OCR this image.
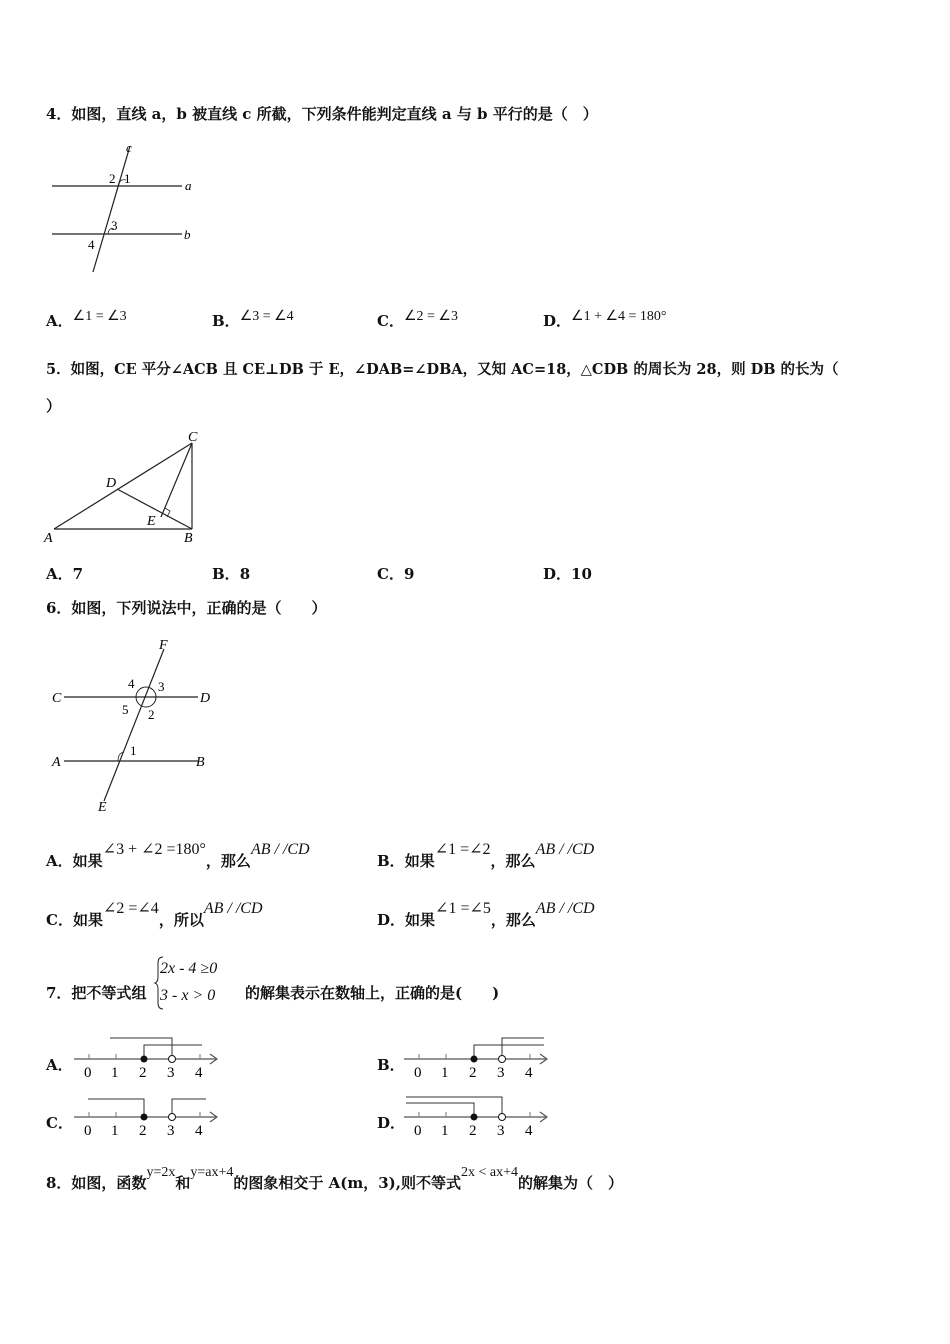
4．如图，直线 a，b 被直线 c 所截，下列条件能判定直线 a 与 b 平行的是（　）
c
a
b
1
2
3
4
A．∠1 = ∠3	B．∠3 = ∠4	C．∠2 = ∠3	D．∠1 + ∠4 = 180°
5．如图，CE 平分∠ACB 且 CE⊥DB 于 E，∠DAB=∠DBA，又知 AC=18，△CDB 的周长为 28，则 DB 的长为（
）
C
D
E
A	B
A．7	B．8	C．9	D．10
6．如图，下列说法中，正确的是（　　）
F
C	D
A	B
E
1
2
3
4
5
A．如果∠3 + ∠2 =180°，那么AB / /CD
B．如果∠1 =∠2，那么AB / /CD
C．如果∠2 =∠4，所以AB / /CD
D．如果∠1 =∠5，那么AB / /CD
7．把不等式组
2x - 4 ≥0
3 - x > 0 的解集表示在数轴上，正确的是(　　)
A． 0 1 2 3 4	B． 0 1 2 3 4
C． 0 1 2 3 4	D． 0 1 2 3 4
8．如图，函数y=2x和y=ax+4的图象相交于 A(m，3),则不等式2x < ax+4的解集为（　）
